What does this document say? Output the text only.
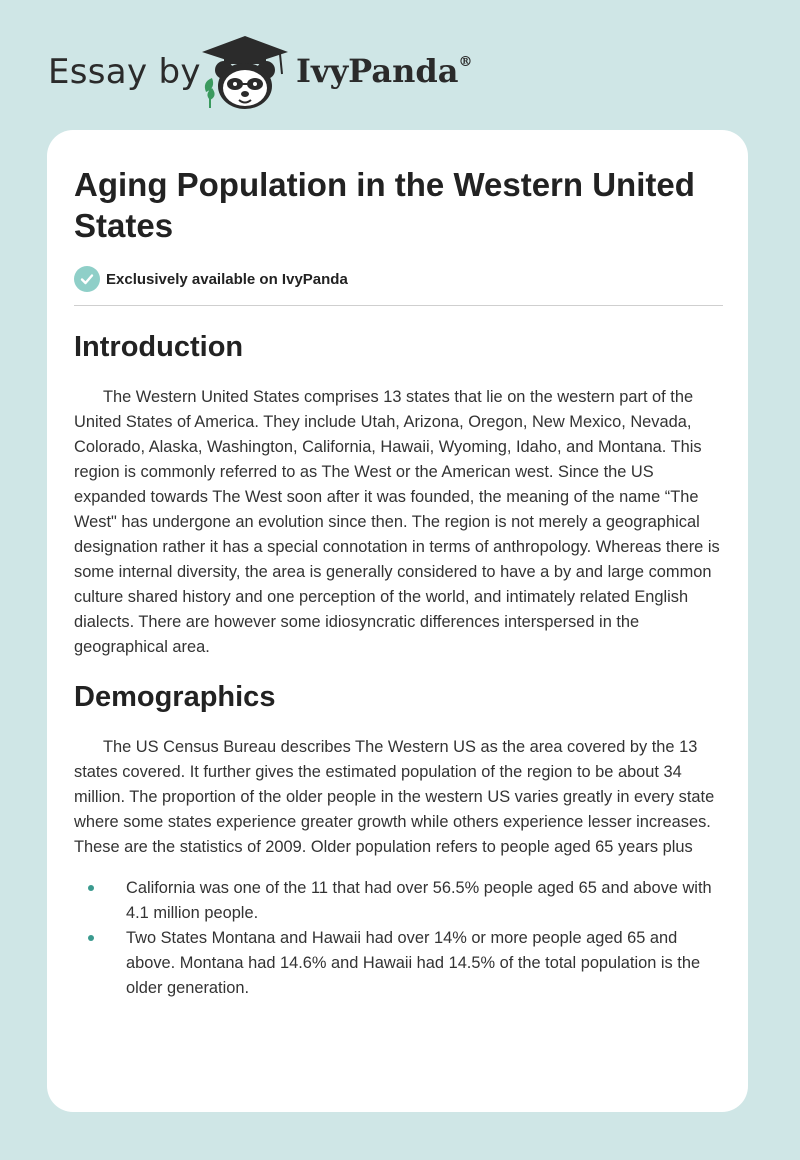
Essay by	IvyPanda®
Aging Population in the Western United States
Exclusively available on IvyPanda
Introduction

The Western United States comprises 13 states that lie on the western part of the United States of America. They include Utah, Arizona, Oregon, New Mexico, Nevada, Colorado, Alaska, Washington, California, Hawaii, Wyoming, Idaho, and Montana. This region is commonly referred to as The West or the American west. Since the US expanded towards The West soon after it was founded, the meaning of the name “The West" has undergone an evolution since then. The region is not merely a geographical designation rather it has a special connotation in terms of anthropology. Whereas there is some internal diversity, the area is generally considered to have a by and large common culture shared history and one perception of the world, and intimately related English dialects. There are however some idiosyncratic differences interspersed in the geographical area.

Demographics

The US Census Bureau describes The Western US as the area covered by the 13 states covered. It further gives the estimated population of the region to be about 34 million. The proportion of the older people in the western US varies greatly in every state where some states experience greater growth while others experience lesser increases. These are the statistics of 2009. Older population refers to people aged 65 years plus

California was one of the 11 that had over 56.5% people aged 65 and above with 4.1 million people.
Two States Montana and Hawaii had over 14% or more people aged 65 and above. Montana had 14.6% and Hawaii had 14.5% of the total population is the older generation.
